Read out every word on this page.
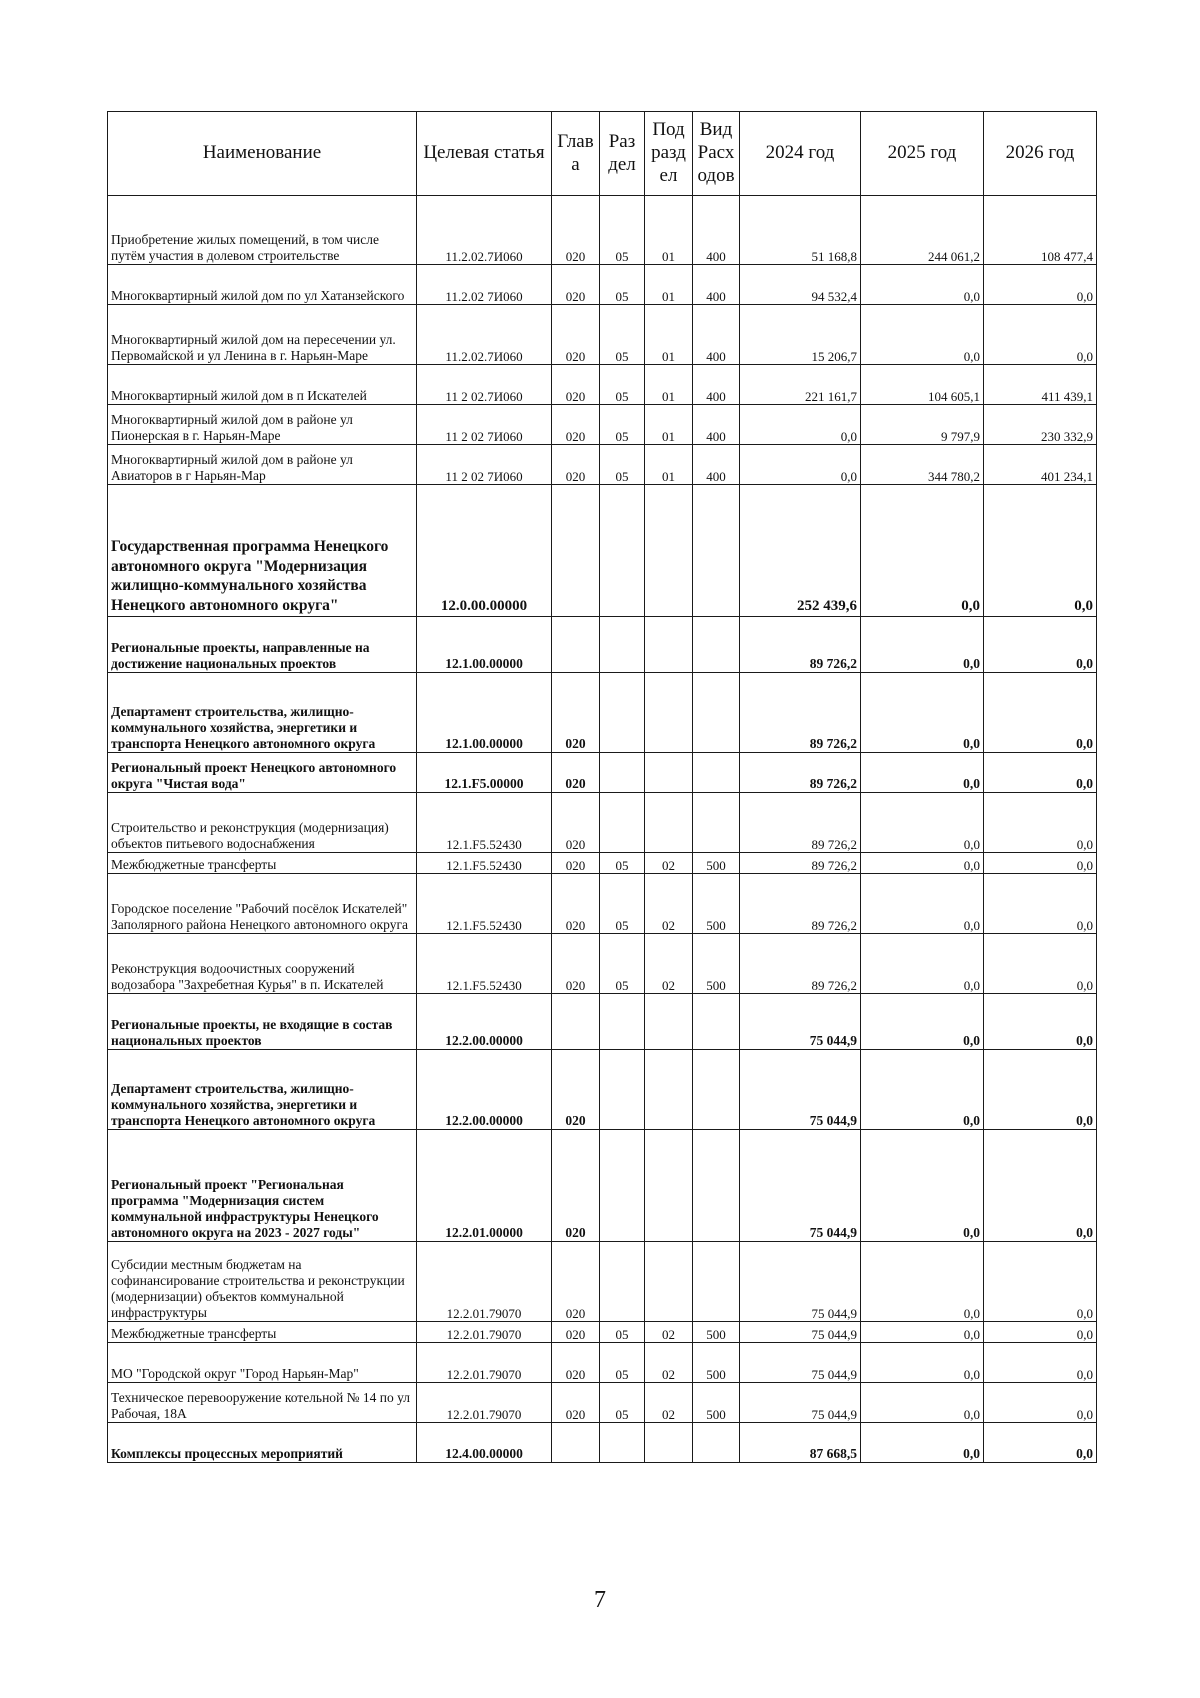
Наименование	Целевая статья	Глав а	Раз дел	Под разд ел	Вид Расх одов	2024 год	2025 год	2026 год
Приобретение жилых помещений, в том числе путём участия в долевом строительстве	11.2.02.7И060	020	05	01	400	51 168,8	244 061,2	108 477,4
Многоквартирный жилой дом по ул Хатанзейского	11.2.02 7И060	020	05	01	400	94 532,4	0,0	0,0
Многоквартирный жилой дом на пересечении ул. Первомайской и ул Ленина в г. Нарьян-Маре	11.2.02.7И060	020	05	01	400	15 206,7	0,0	0,0
Многоквартирный жилой дом в п Искателей	11 2 02.7И060	020	05	01	400	221 161,7	104 605,1	411 439,1
Многоквартирный жилой дом в районе ул Пионерская в г. Нарьян-Маре	11 2 02 7И060	020	05	01	400	0,0	9 797,9	230 332,9
Многоквартирный жилой дом в районе ул Авиаторов в г Нарьян-Мар	11 2 02 7И060	020	05	01	400	0,0	344 780,2	401 234,1
Государственная программа Ненецкого автономного округа "Модернизация жилищно-коммунального хозяйства Ненецкого автономного округа"	12.0.00.00000					252 439,6	0,0	0,0
Региональные проекты, направленные на достижение национальных проектов	12.1.00.00000					89 726,2	0,0	0,0
Департамент строительства, жилищно-коммунального хозяйства, энергетики и транспорта Ненецкого автономного округа	12.1.00.00000	020				89 726,2	0,0	0,0
Региональный проект Ненецкого автономного округа "Чистая вода"	12.1.F5.00000	020				89 726,2	0,0	0,0
Строительство и реконструкция (модернизация) объектов питьевого водоснабжения	12.1.F5.52430	020				89 726,2	0,0	0,0
Межбюджетные трансферты	12.1.F5.52430	020	05	02	500	89 726,2	0,0	0,0
Городское поселение "Рабочий посёлок Искателей" Заполярного района Ненецкого автономного округа	12.1.F5.52430	020	05	02	500	89 726,2	0,0	0,0
Реконструкция водоочистных сооружений водозабора "Захребетная Курья" в п. Искателей	12.1.F5.52430	020	05	02	500	89 726,2	0,0	0,0
Региональные проекты, не входящие в состав национальных проектов	12.2.00.00000					75 044,9	0,0	0,0
Департамент строительства, жилищно-коммунального хозяйства, энергетики и транспорта Ненецкого автономного округа	12.2.00.00000	020				75 044,9	0,0	0,0
Региональный проект "Региональная программа "Модернизация систем коммунальной инфраструктуры Ненецкого автономного округа на 2023 - 2027 годы"	12.2.01.00000	020				75 044,9	0,0	0,0
Субсидии местным бюджетам на софинансирование строительства и реконструкции (модернизации) объектов коммунальной инфраструктуры	12.2.01.79070	020				75 044,9	0,0	0,0
Межбюджетные трансферты	12.2.01.79070	020	05	02	500	75 044,9	0,0	0,0
МО "Городской округ "Город Нарьян-Мар"	12.2.01.79070	020	05	02	500	75 044,9	0,0	0,0
Техническое перевооружение котельной № 14 по ул Рабочая, 18А	12.2.01.79070	020	05	02	500	75 044,9	0,0	0,0
Комплексы процессных мероприятий	12.4.00.00000					87 668,5	0,0	0,0
7
